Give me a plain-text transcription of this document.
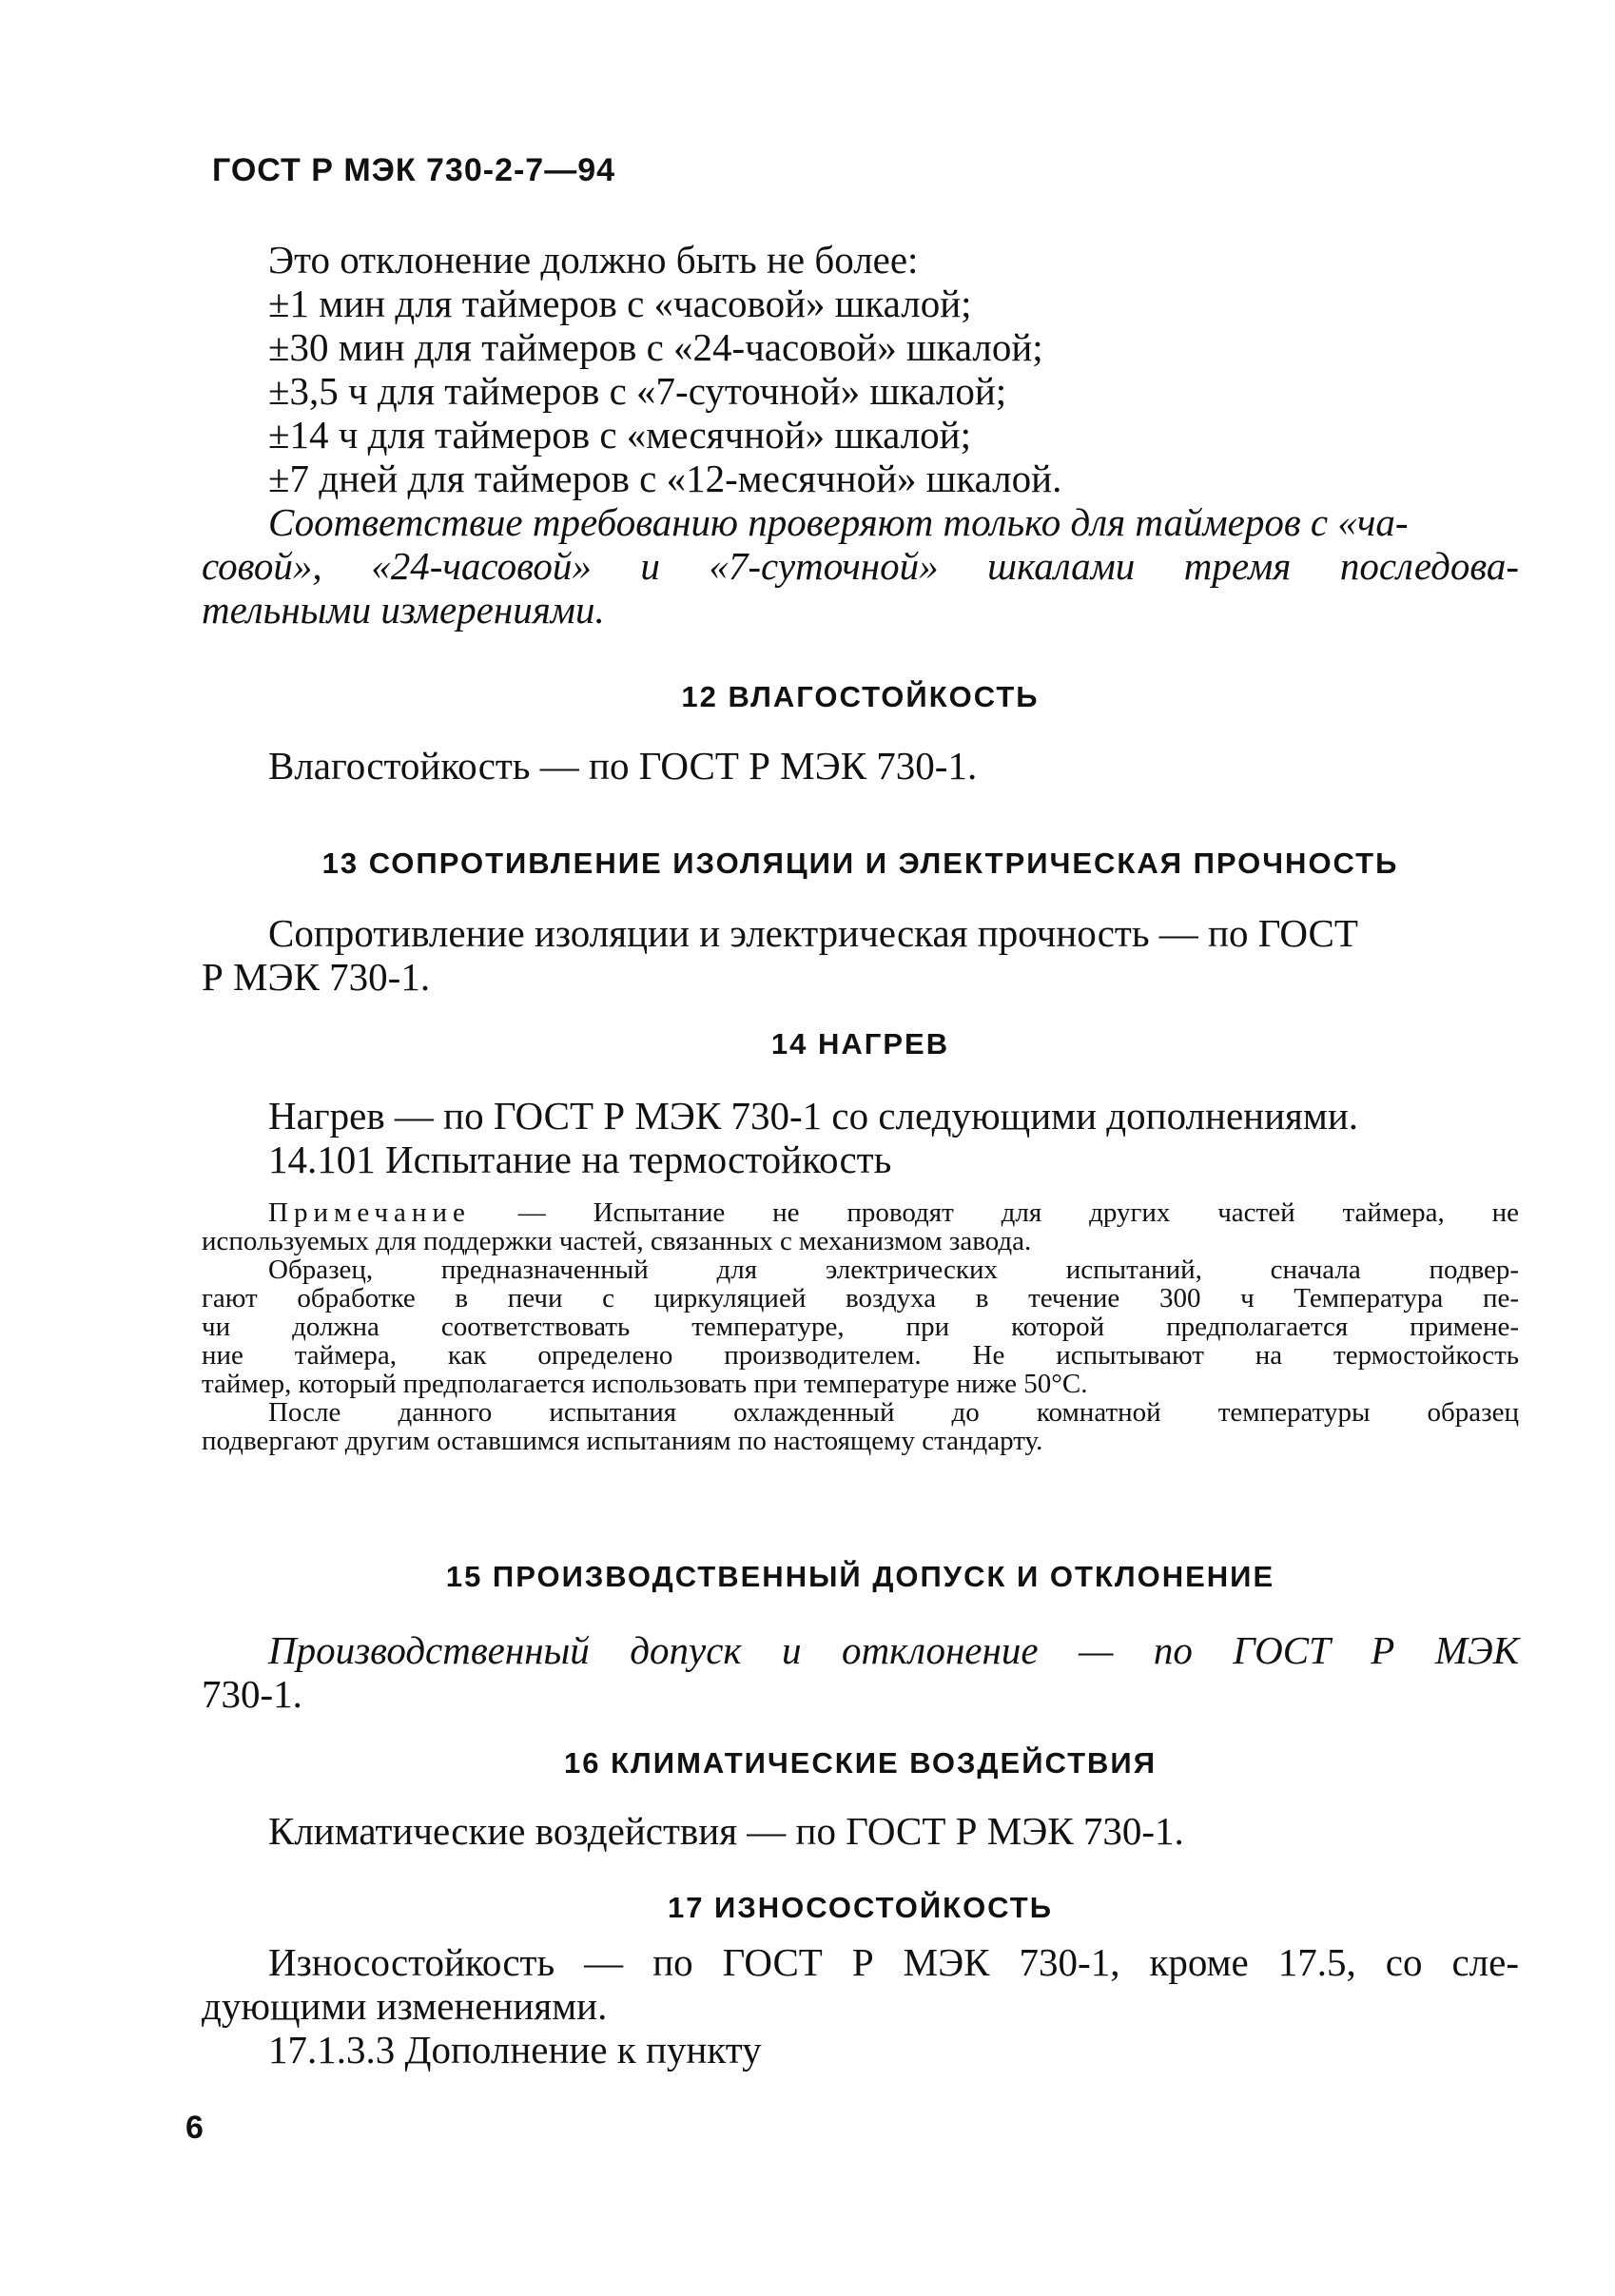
ГОСТ Р МЭК 730-2-7—94
Это отклонение должно быть не более:
±1 мин для таймеров с «часовой» шкалой;
±30 мин для таймеров с «24-часовой» шкалой;
±3,5 ч для таймеров с «7-суточной» шкалой;
±14 ч для таймеров с «месячной» шкалой;
±7 дней для таймеров с «12-месячной» шкалой.
Соответствие требованию проверяют только для таймеров с «ча-
совой», «24-часовой» и «7-суточной» шкалами тремя последова-
тельными измерениями.
12 ВЛАГОСТОЙКОСТЬ
Влагостойкость — по ГОСТ Р МЭК 730-1.
13 СОПРОТИВЛЕНИЕ ИЗОЛЯЦИИ И ЭЛЕКТРИЧЕСКАЯ ПРОЧНОСТЬ
Сопротивление изоляции и электрическая прочность — по ГОСТ
Р МЭК 730-1.
14 НАГРЕВ
Нагрев — по ГОСТ Р МЭК 730-1 со следующими дополнениями.
14.101 Испытание на термостойкость
Примечание — Испытание не проводят для других частей таймера, не
используемых для поддержки частей, связанных с механизмом завода.
Образец, предназначенный для электрических испытаний, сначала подвер-
гают обработке в печи с циркуляцией воздуха в течение 300 ч Температура пе-
чи должна соответствовать температуре, при которой предполагается примене-
ние таймера, как определено производителем. Не испытывают на термостойкость
таймер, который предполагается использовать при температуре ниже 50°С.
После данного испытания охлажденный до комнатной температуры образец
подвергают другим оставшимся испытаниям по настоящему стандарту.
15 ПРОИЗВОДСТВЕННЫЙ ДОПУСК И ОТКЛОНЕНИЕ
Производственный допуск и отклонение — по ГОСТ Р МЭК
730-1.
16 КЛИМАТИЧЕСКИЕ ВОЗДЕЙСТВИЯ
Климатические воздействия — по ГОСТ Р МЭК 730-1.
17 ИЗНОСОСТОЙКОСТЬ
Износостойкость — по ГОСТ Р МЭК 730-1, кроме 17.5, со сле-
дующими изменениями.
17.1.3.3 Дополнение к пункту
6
